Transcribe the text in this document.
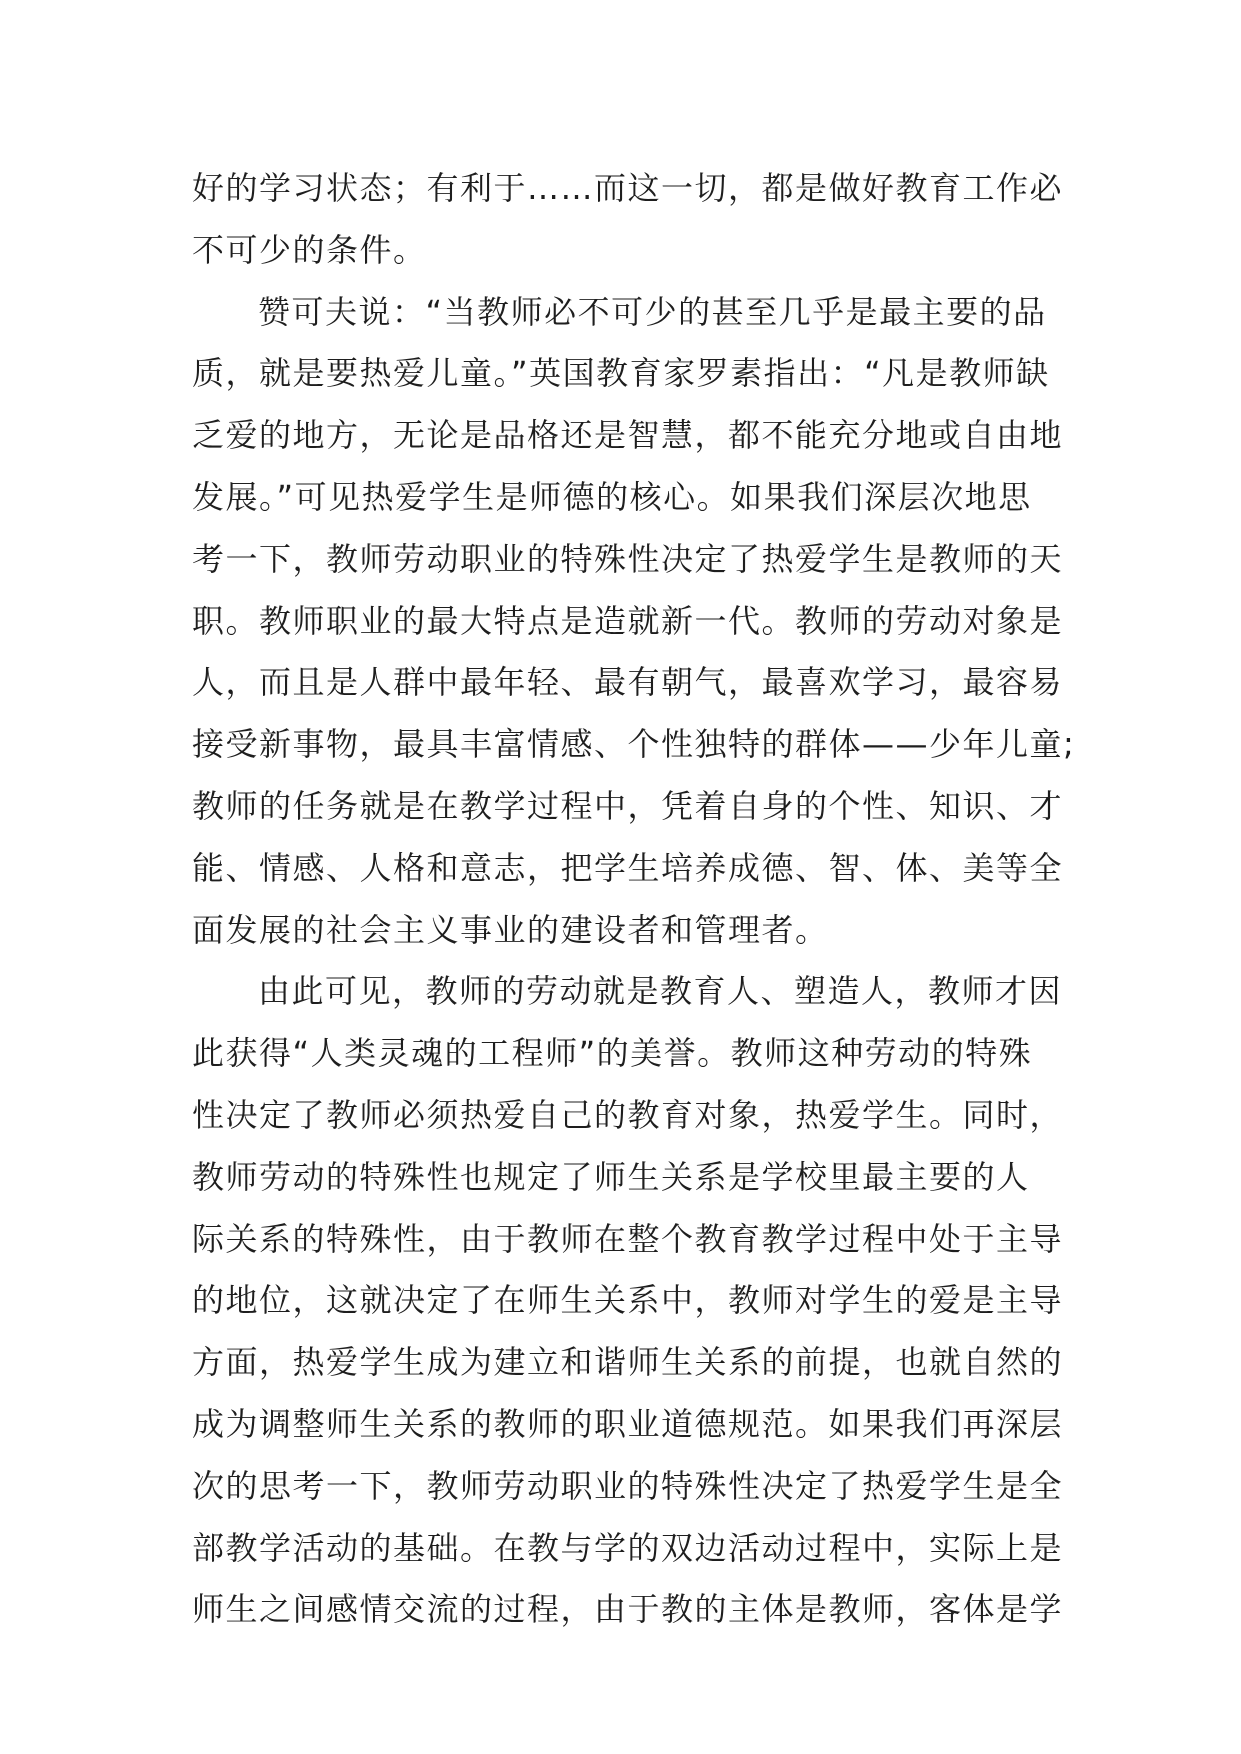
好的学习状态；有利于……而这一切，都是做好教育工作必
不可少的条件。
赞可夫说：“当教师必不可少的甚至几乎是最主要的品
质，就是要热爱儿童。”英国教育家罗素指出：“凡是教师缺
乏爱的地方，无论是品格还是智慧，都不能充分地或自由地
发展。”可见热爱学生是师德的核心。如果我们深层次地思
考一下，教师劳动职业的特殊性决定了热爱学生是教师的天
职。教师职业的最大特点是造就新一代。教师的劳动对象是
人，而且是人群中最年轻、最有朝气，最喜欢学习，最容易
接受新事物，最具丰富情感、个性独特的群体——少年儿童;
教师的任务就是在教学过程中，凭着自身的个性、知识、才
能、情感、人格和意志，把学生培养成德、智、体、美等全
面发展的社会主义事业的建设者和管理者。
由此可见，教师的劳动就是教育人、塑造人，教师才因
此获得“人类灵魂的工程师”的美誉。教师这种劳动的特殊
性决定了教师必须热爱自己的教育对象，热爱学生。同时，
教师劳动的特殊性也规定了师生关系是学校里最主要的人
际关系的特殊性，由于教师在整个教育教学过程中处于主导
的地位，这就决定了在师生关系中，教师对学生的爱是主导
方面，热爱学生成为建立和谐师生关系的前提，也就自然的
成为调整师生关系的教师的职业道德规范。如果我们再深层
次的思考一下，教师劳动职业的特殊性决定了热爱学生是全
部教学活动的基础。在教与学的双边活动过程中，实际上是
师生之间感情交流的过程，由于教的主体是教师，客体是学
